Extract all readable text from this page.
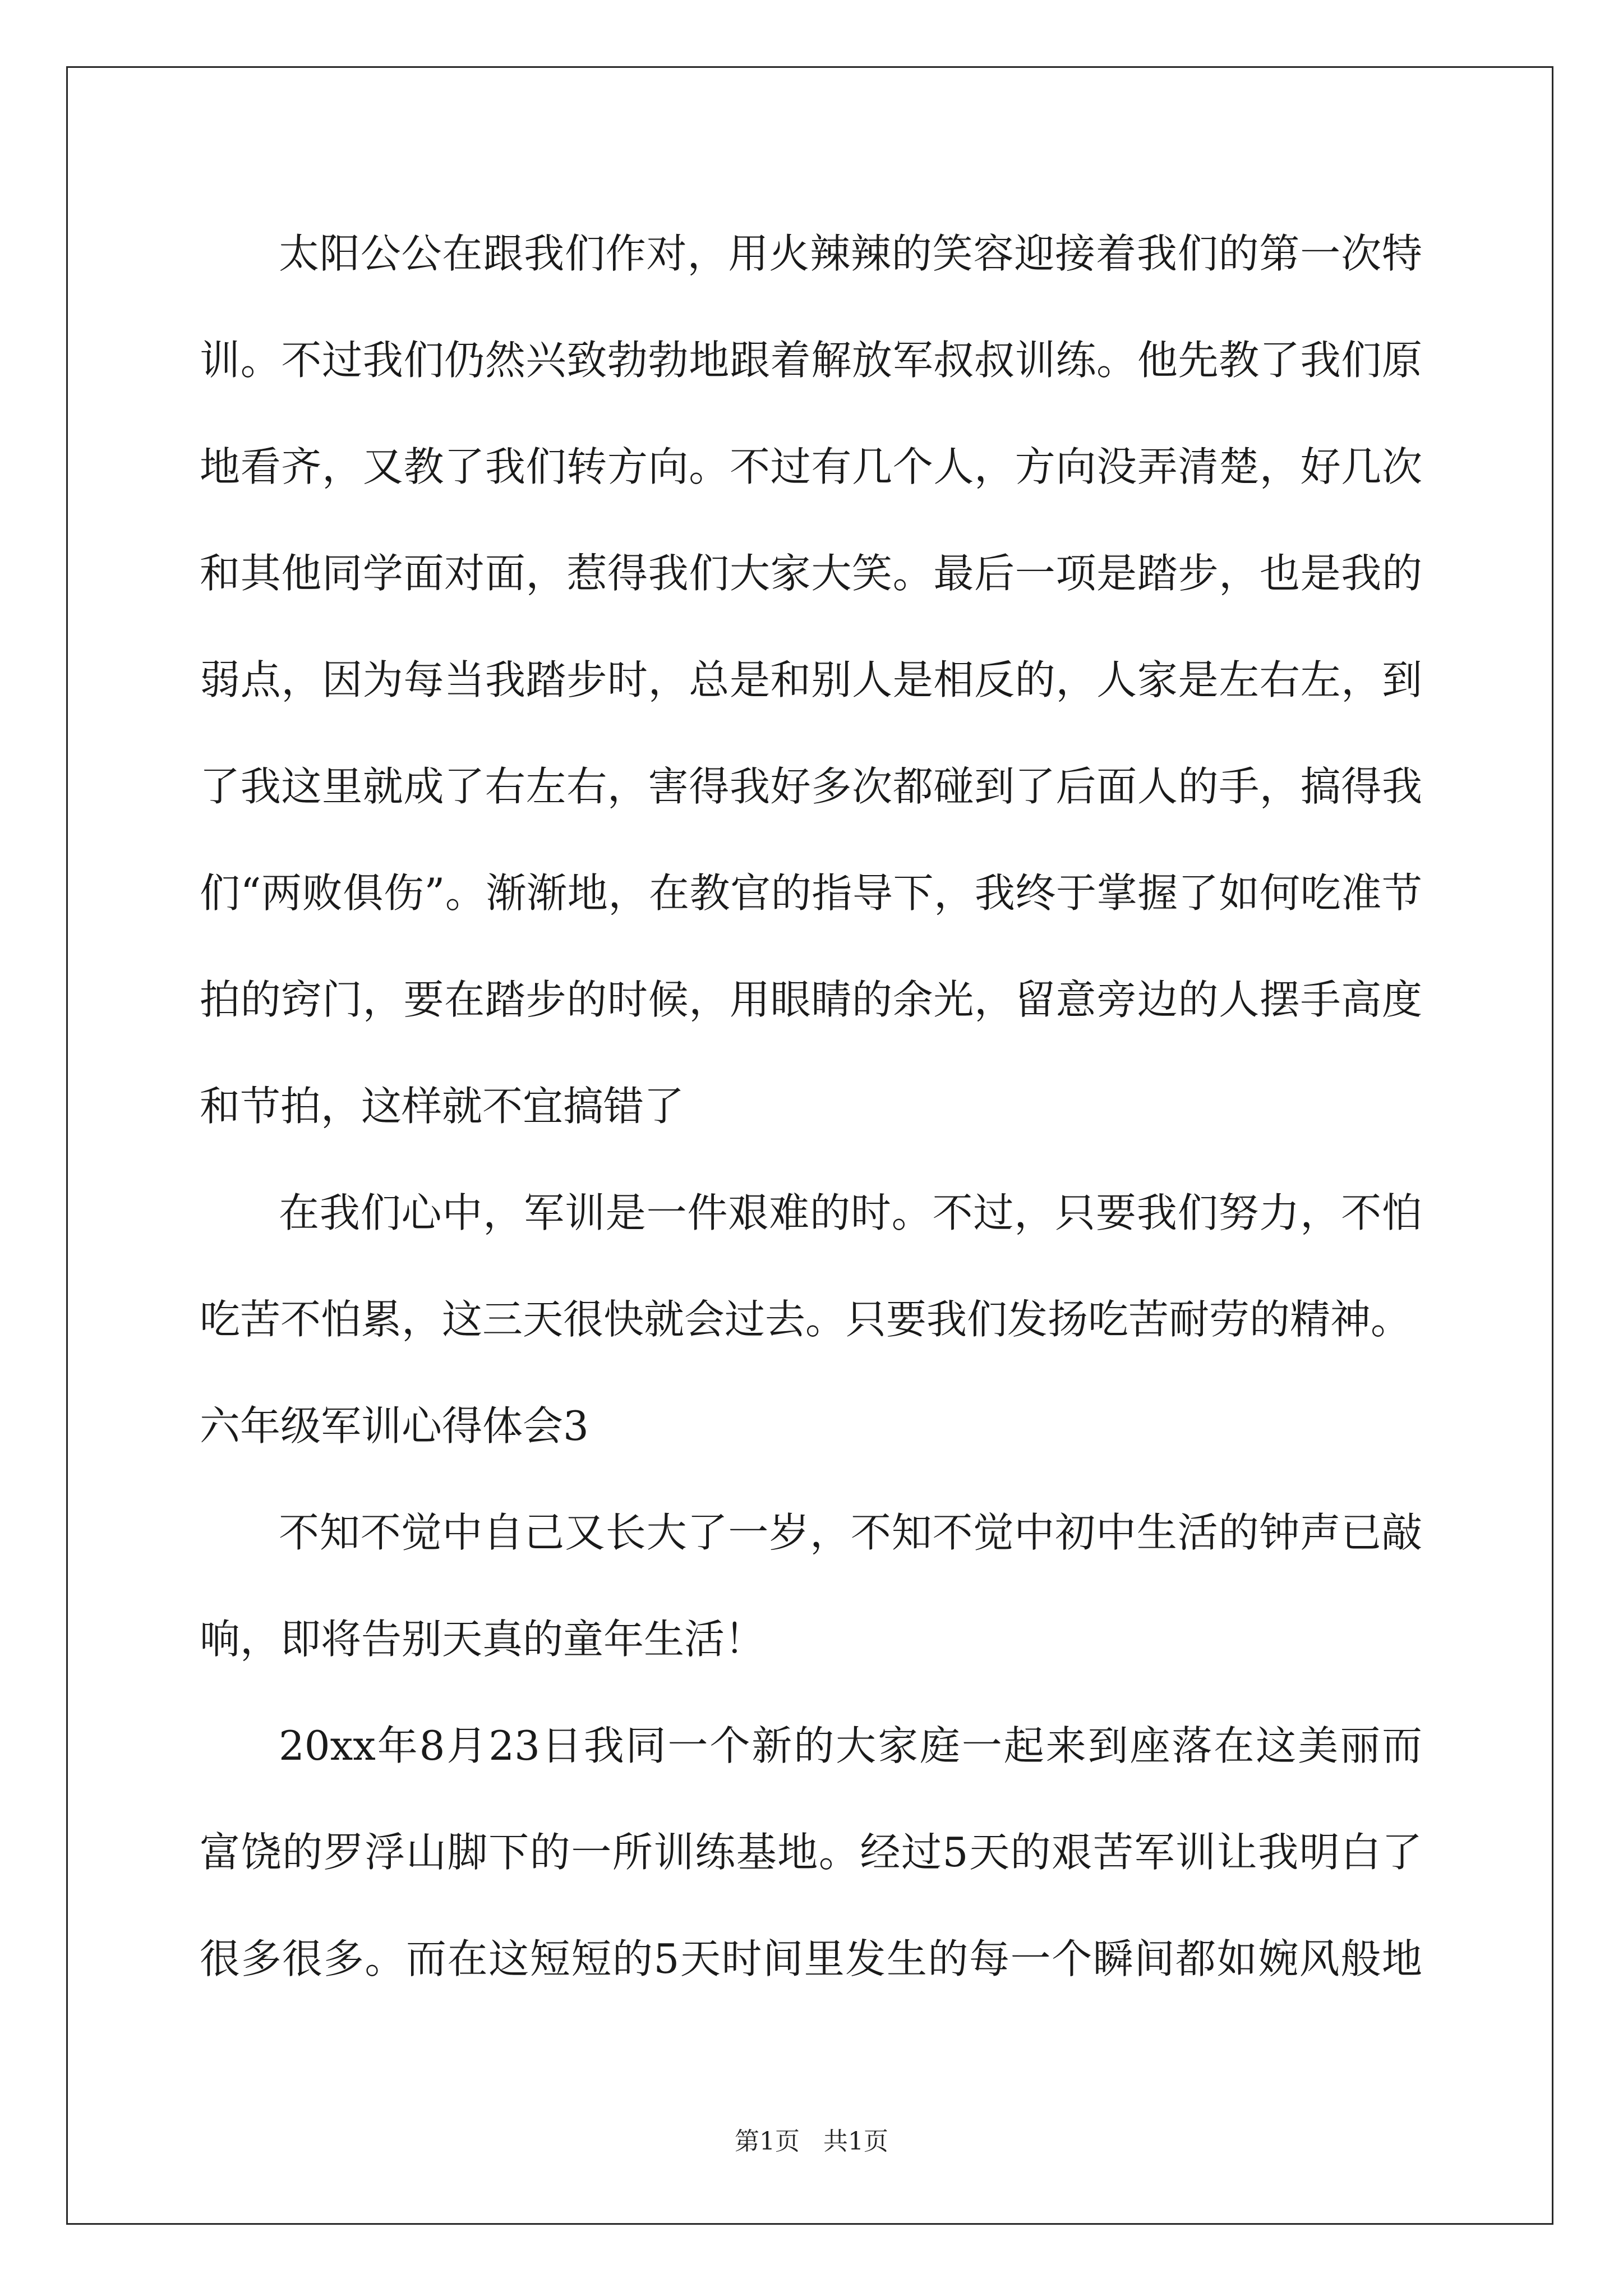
太阳公公在跟我们作对，用火辣辣的笑容迎接着我们的第一次特
训。不过我们仍然兴致勃勃地跟着解放军叔叔训练。他先教了我们原
地看齐，又教了我们转方向。不过有几个人，方向没弄清楚，好几次
和其他同学面对面，惹得我们大家大笑。最后一项是踏步，也是我的
弱点，因为每当我踏步时，总是和别人是相反的，人家是左右左，到
了我这里就成了右左右，害得我好多次都碰到了后面人的手，搞得我
们“两败俱伤”。渐渐地，在教官的指导下，我终于掌握了如何吃准节
拍的窍门，要在踏步的时候，用眼睛的余光，留意旁边的人摆手高度
和节拍，这样就不宜搞错了
在我们心中，军训是一件艰难的时。不过，只要我们努力，不怕
吃苦不怕累，这三天很快就会过去。只要我们发扬吃苦耐劳的精神。
六年级军训心得体会3
不知不觉中自己又长大了一岁，不知不觉中初中生活的钟声已敲
响，即将告别天真的童年生活！
20xx年8月23日我同一个新的大家庭一起来到座落在这美丽而
富饶的罗浮山脚下的一所训练基地。经过5天的艰苦军训让我明白了
很多很多。而在这短短的5天时间里发生的每一个瞬间都如婉风般地
第1页   共1页
